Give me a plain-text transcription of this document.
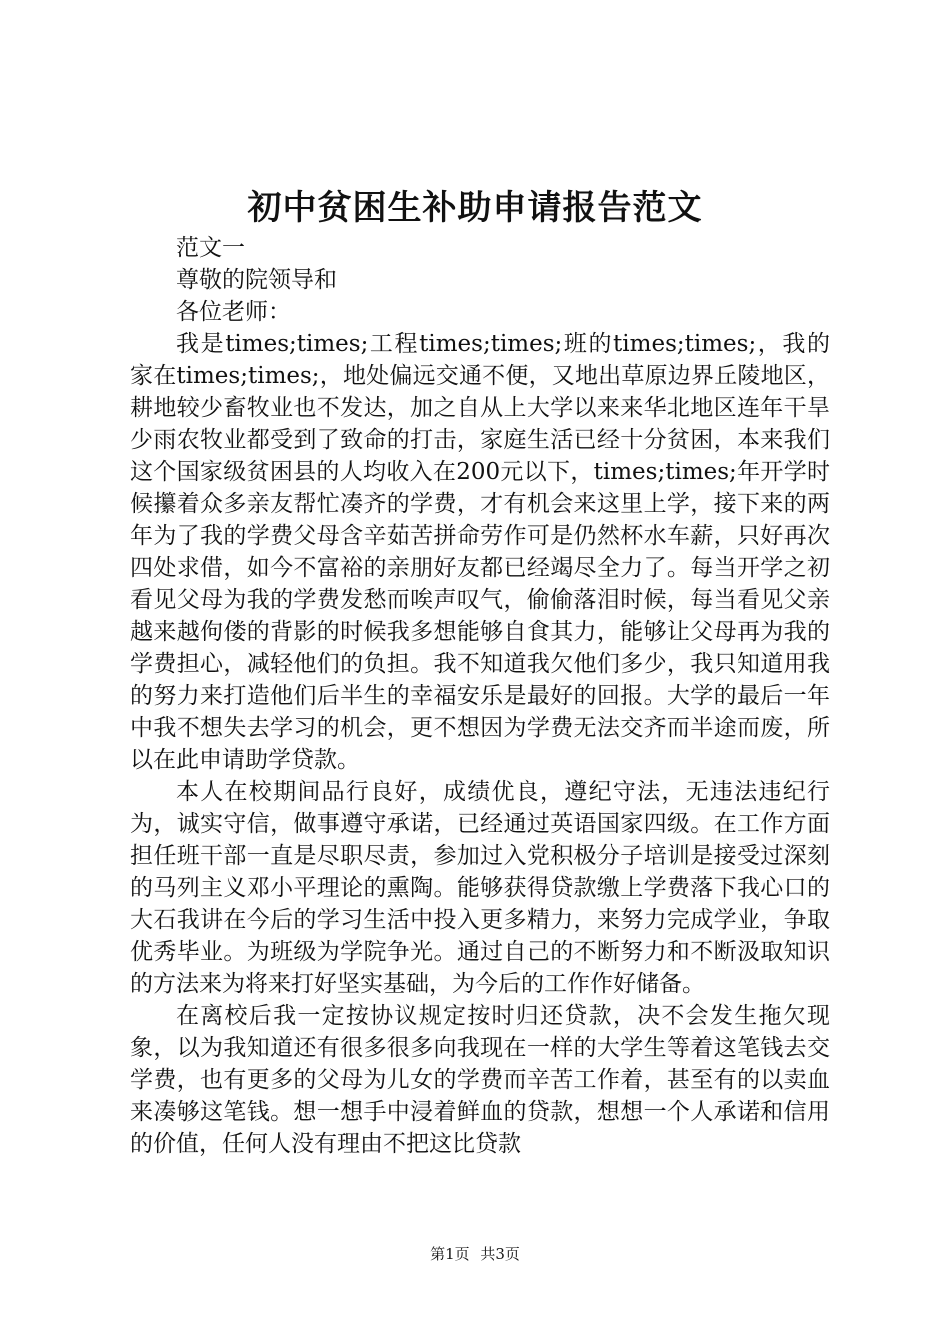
初中贫困生补助申请报告范文

范文一

尊敬的院领导和

各位老师：

我是times;times;工程times;times;班的times;times;，我的家在times;times;，地处偏远交通不便，又地出草原边界丘陵地区，耕地较少畜牧业也不发达，加之自从上大学以来来华北地区连年干旱少雨农牧业都受到了致命的打击，家庭生活已经十分贫困，本来我们这个国家级贫困县的人均收入在200元以下，times;times;年开学时候攥着众多亲友帮忙凑齐的学费，才有机会来这里上学，接下来的两年为了我的学费父母含辛茹苦拼命劳作可是仍然杯水车薪，只好再次四处求借，如今不富裕的亲朋好友都已经竭尽全力了。每当开学之初看见父母为我的学费发愁而唉声叹气，偷偷落泪时候，每当看见父亲越来越佝偻的背影的时候我多想能够自食其力，能够让父母再为我的学费担心，减轻他们的负担。我不知道我欠他们多少，我只知道用我的努力来打造他们后半生的幸福安乐是最好的回报。大学的最后一年中我不想失去学习的机会，更不想因为学费无法交齐而半途而废，所以在此申请助学贷款。

本人在校期间品行良好，成绩优良，遵纪守法，无违法违纪行为，诚实守信，做事遵守承诺，已经通过英语国家四级。在工作方面担任班干部一直是尽职尽责，参加过入党积极分子培训是接受过深刻的马列主义邓小平理论的熏陶。能够获得贷款缴上学费落下我心口的大石我讲在今后的学习生活中投入更多精力，来努力完成学业，争取优秀毕业。为班级为学院争光。通过自己的不断努力和不断汲取知识的方法来为将来打好坚实基础，为今后的工作作好储备。

在离校后我一定按协议规定按时归还贷款，决不会发生拖欠现象，以为我知道还有很多很多向我现在一样的大学生等着这笔钱去交学费，也有更多的父母为儿女的学费而辛苦工作着，甚至有的以卖血来凑够这笔钱。想一想手中浸着鲜血的贷款，想想一个人承诺和信用的价值，任何人没有理由不把这比贷款

第1页 共3页
